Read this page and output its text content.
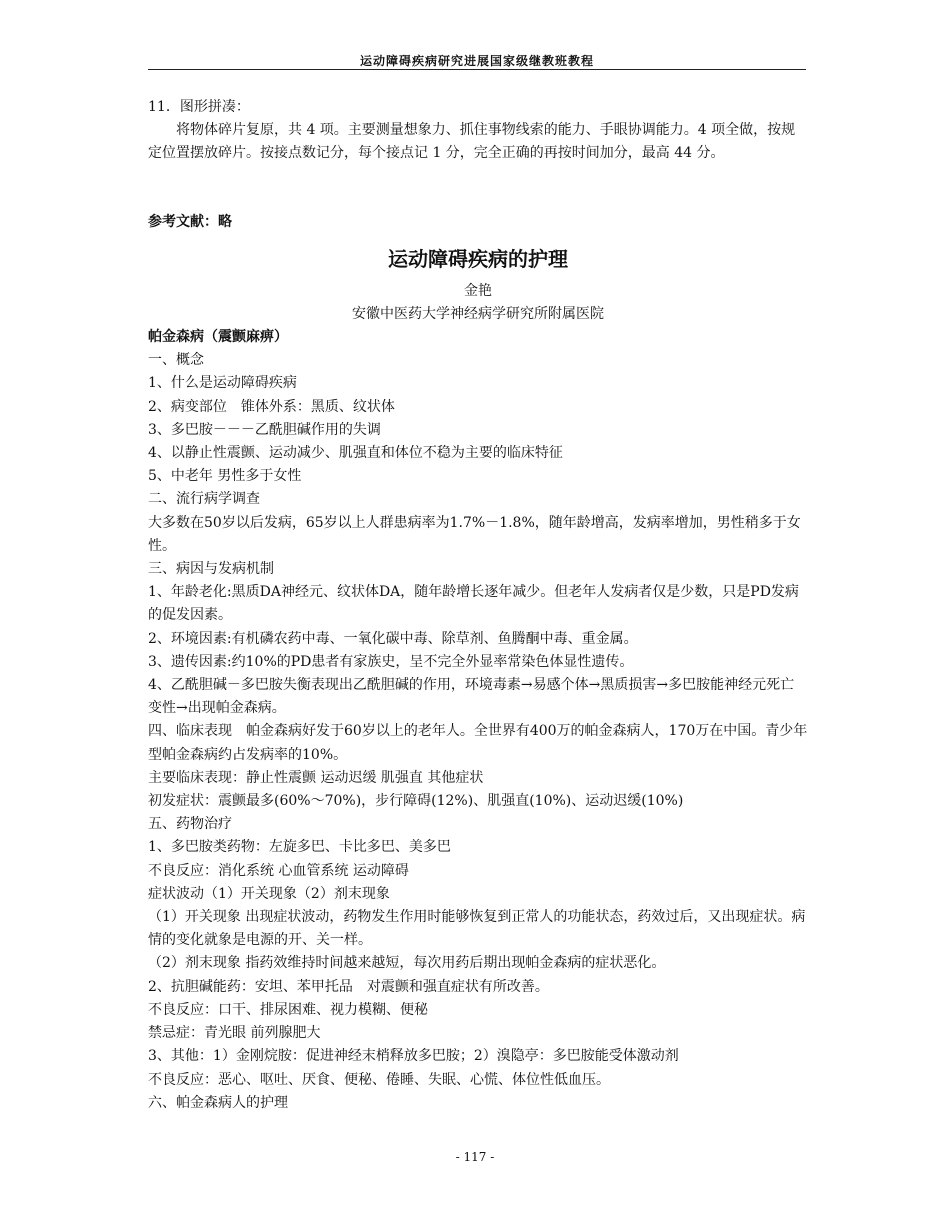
运动障碍疾病研究进展国家级继教班教程

11．图形拼凑：

将物体碎片复原，共 4 项。主要测量想象力、抓住事物线索的能力、手眼协调能力。4 项全做，按规定位置摆放碎片。按接点数记分，每个接点记 1 分，完全正确的再按时间加分，最高 44 分。

参考文献：略
运动障碍疾病的护理
金艳
安徽中医药大学神经病学研究所附属医院

帕金森病（震颤麻痹）

一、概念

1、什么是运动障碍疾病

2、病变部位　锥体外系：黑质、纹状体

3、多巴胺－－－乙酰胆碱作用的失调

4、以静止性震颤、运动减少、肌强直和体位不稳为主要的临床特征

5、中老年 男性多于女性

二、流行病学调查

大多数在50岁以后发病，65岁以上人群患病率为1.7%－1.8%，随年龄增高，发病率增加，男性稍多于女性。

三、病因与发病机制

1、年龄老化:黑质DA神经元、纹状体DA，随年龄增长逐年减少。但老年人发病者仅是少数，只是PD发病的促发因素。

2、环境因素:有机磷农药中毒、一氧化碳中毒、除草剂、鱼腾酮中毒、重金属。

3、遗传因素:约10%的PD患者有家族史，呈不完全外显率常染色体显性遗传。

4、乙酰胆碱－多巴胺失衡表现出乙酰胆碱的作用，环境毒素→易感个体→黑质损害→多巴胺能神经元死亡变性→出现帕金森病。

四、临床表现　帕金森病好发于60岁以上的老年人。全世界有400万的帕金森病人，170万在中国。青少年型帕金森病约占发病率的10%。

主要临床表现：静止性震颤 运动迟缓 肌强直 其他症状

初发症状：震颤最多(60%～70%)，步行障碍(12%)、肌强直(10%)、运动迟缓(10%)

五、药物治疗

1、多巴胺类药物：左旋多巴、卡比多巴、美多巴

不良反应：消化系统 心血管系统 运动障碍

症状波动（1）开关现象（2）剂末现象

（1）开关现象 出现症状波动，药物发生作用时能够恢复到正常人的功能状态，药效过后，又出现症状。病情的变化就象是电源的开、关一样。

（2）剂末现象 指药效维持时间越来越短，每次用药后期出现帕金森病的症状恶化。

2、抗胆碱能药：安坦、苯甲托品　对震颤和强直症状有所改善。

不良反应：口干、排尿困难、视力模糊、便秘

禁忌症：青光眼 前列腺肥大

3、其他：1）金刚烷胺：促进神经末梢释放多巴胺；2）溴隐亭：多巴胺能受体激动剂

不良反应：恶心、呕吐、厌食、便秘、倦睡、失眠、心慌、体位性低血压。

六、帕金森病人的护理

- 117 -
